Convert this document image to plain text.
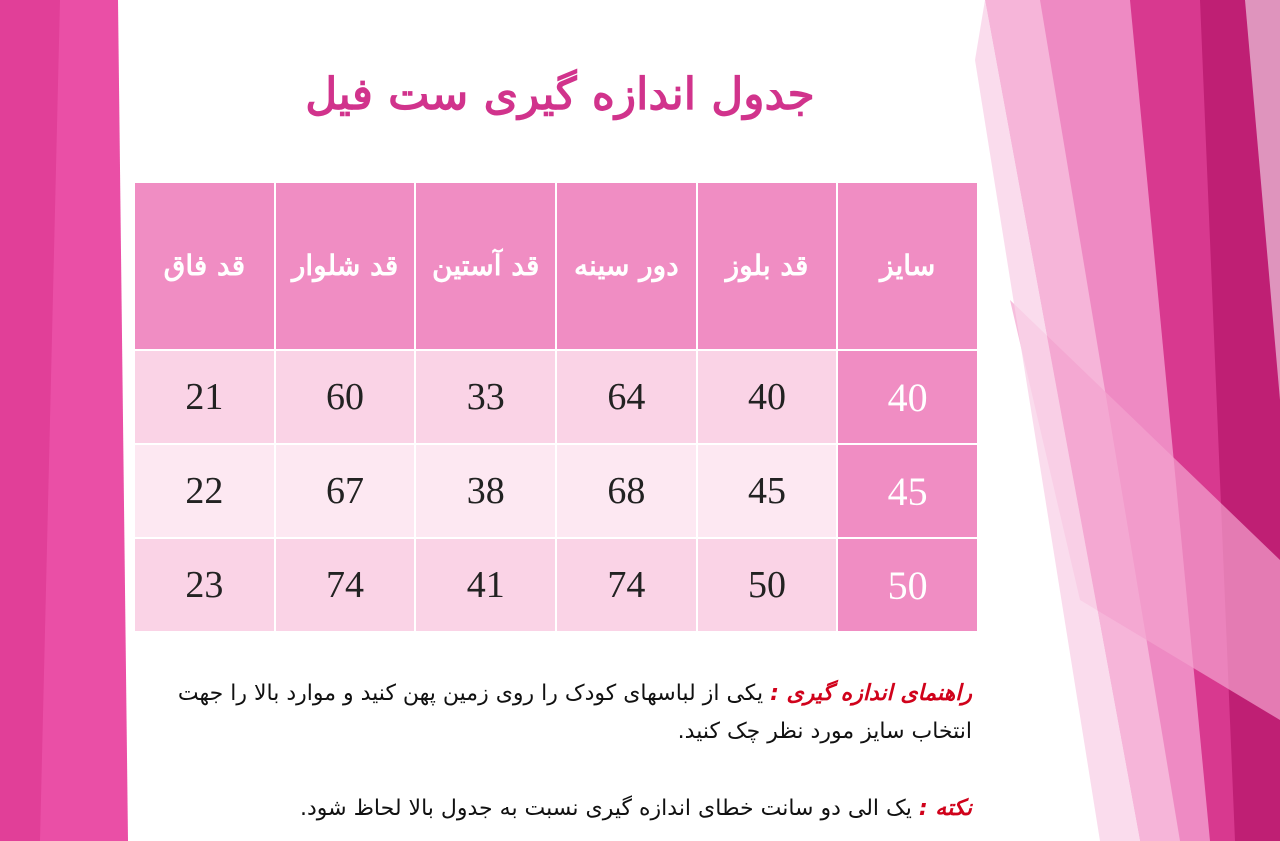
جدول اندازه گیری ست فیل
سایز	قد بلوز	دور سینه	قد آستین	قد شلوار	قد فاق
40	40	64	33	60	21
45	45	68	38	67	22
50	50	74	41	74	23
راهنمای اندازه گیری : یکی از لباسهای کودک را روی زمین پهن کنید و موارد بالا را جهت انتخاب سایز مورد نظر چک کنید.
نکته : یک الی دو سانت خطای اندازه گیری نسبت به جدول بالا لحاظ شود.
